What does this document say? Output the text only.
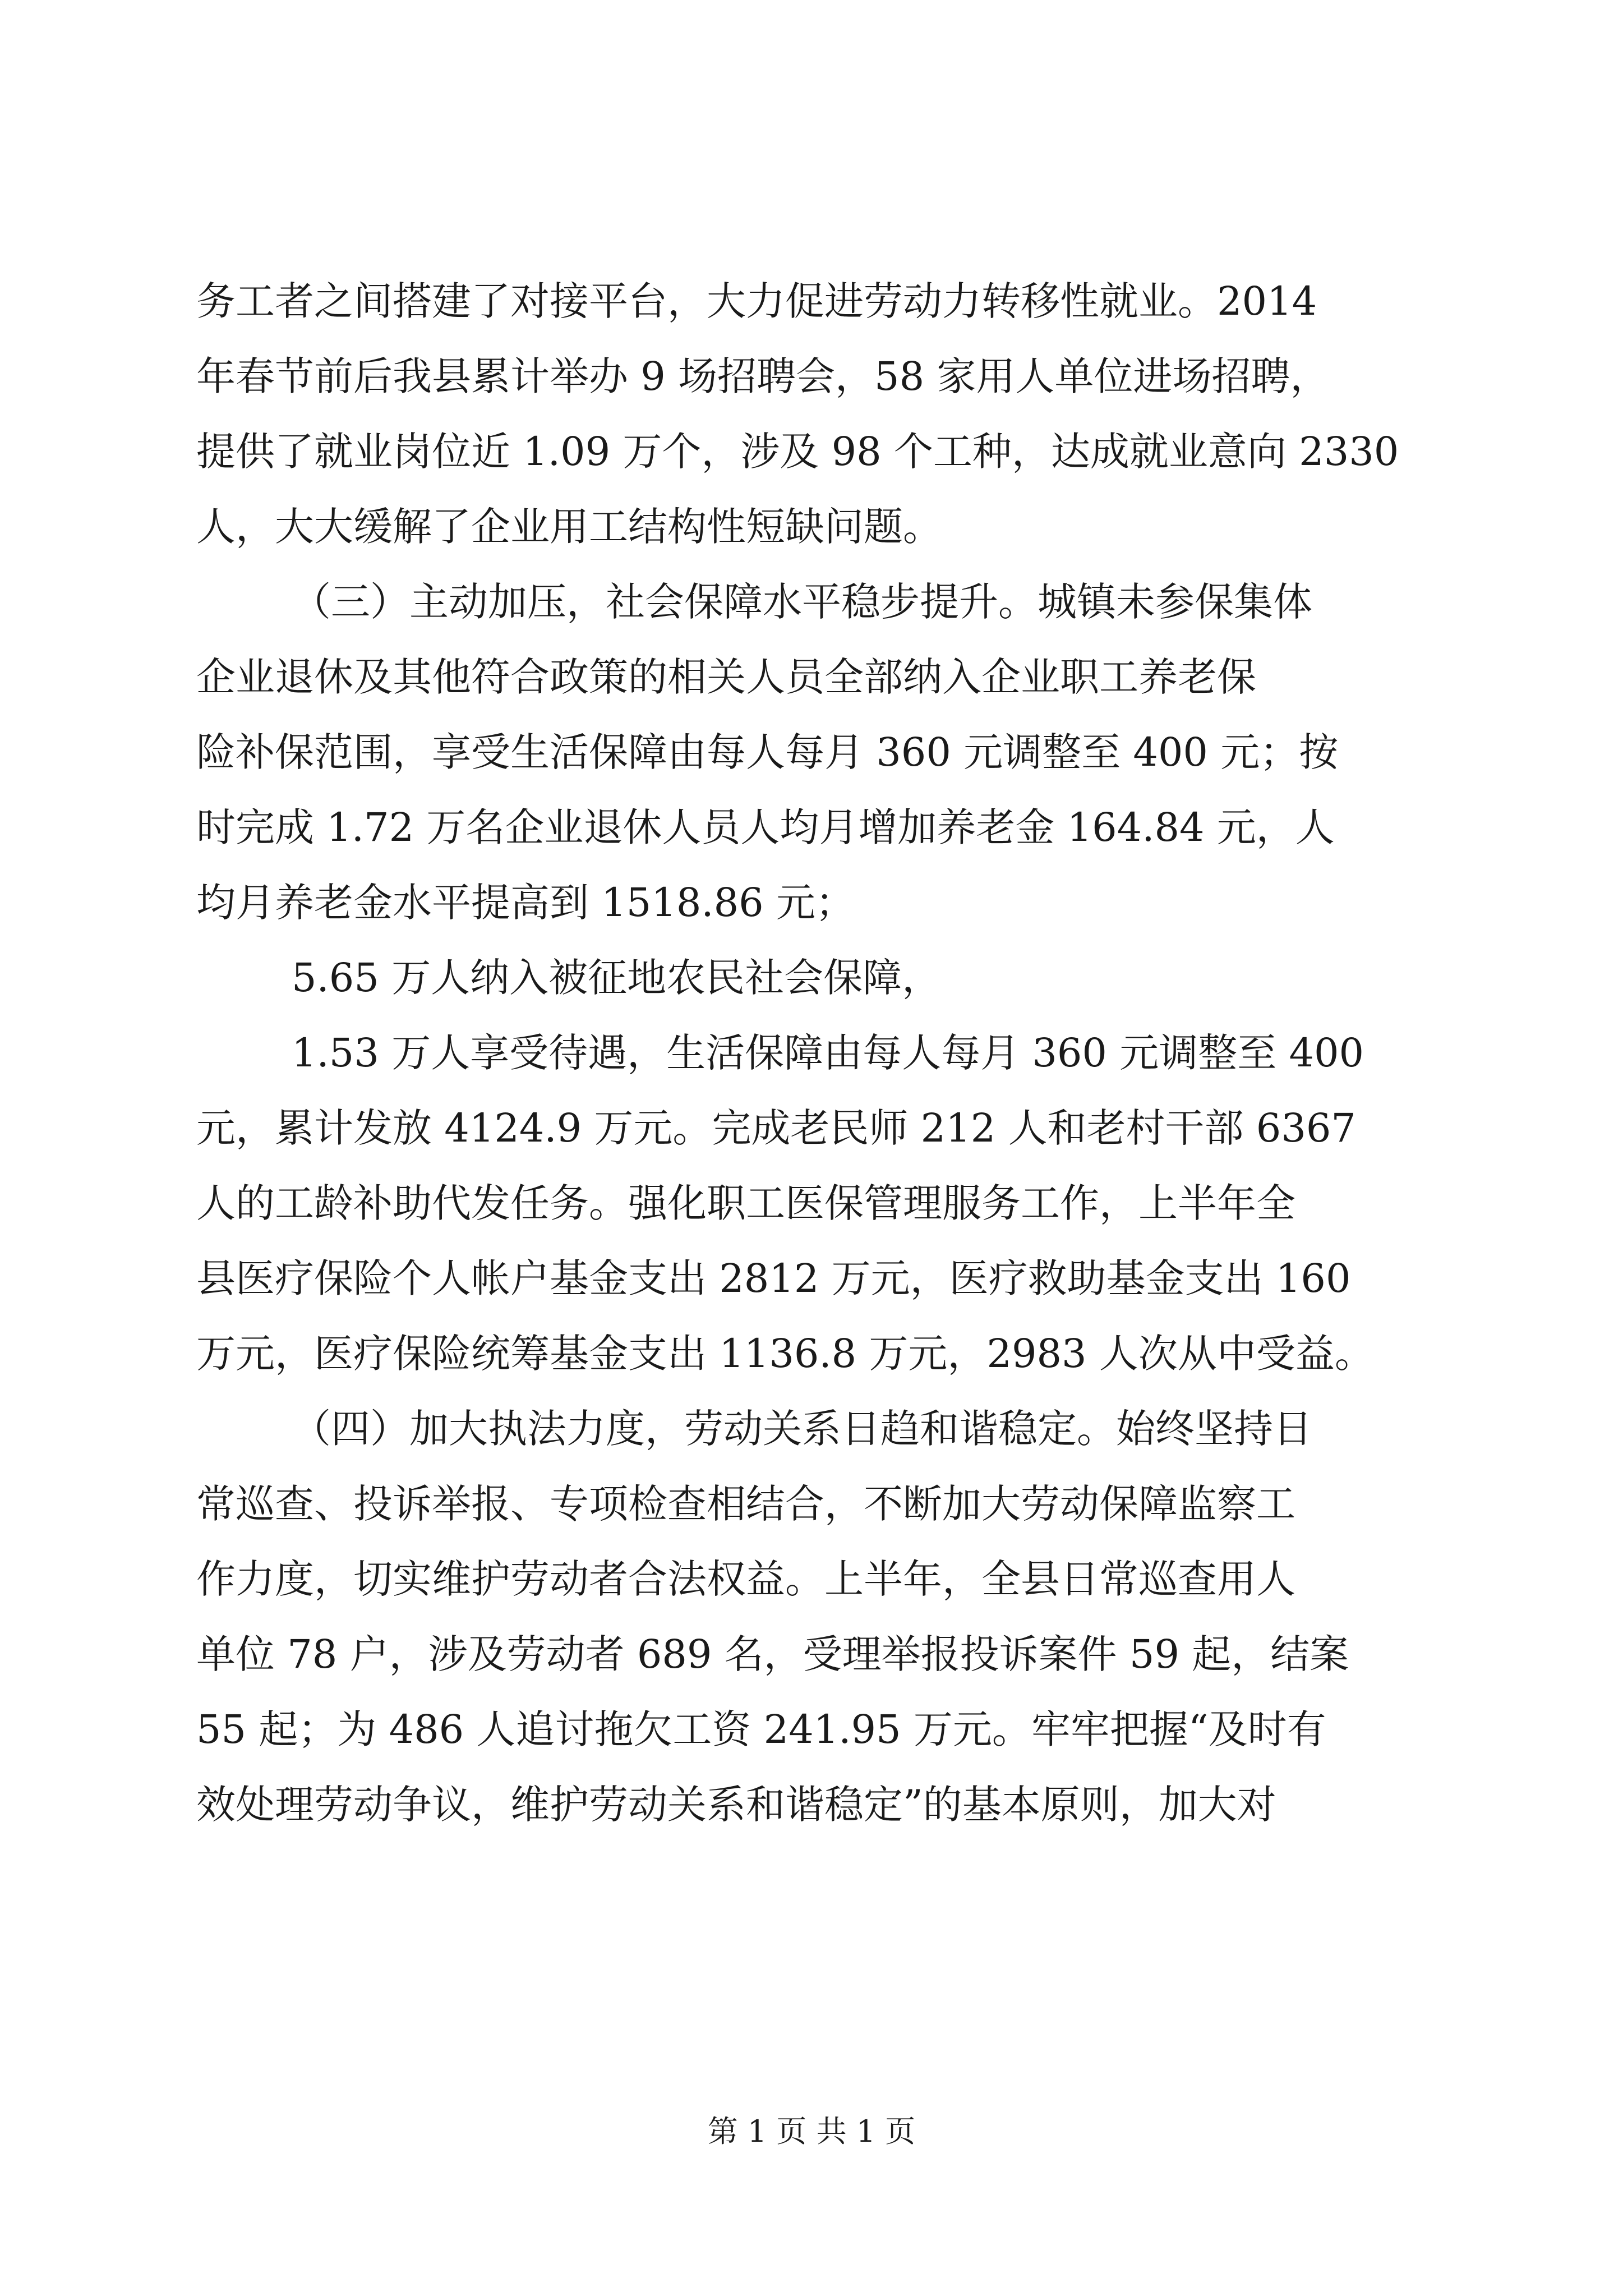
务工者之间搭建了对接平台，大力促进劳动力转移性就业。2014
年春节前后我县累计举办 9 场招聘会，58 家用人单位进场招聘，
提供了就业岗位近 1.09 万个，涉及 98 个工种，达成就业意向 2330
人，大大缓解了企业用工结构性短缺问题。
（三）主动加压，社会保障水平稳步提升。城镇未参保集体
企业退休及其他符合政策的相关人员全部纳入企业职工养老保
险补保范围，享受生活保障由每人每月 360 元调整至 400 元；按
时完成 1.72 万名企业退休人员人均月增加养老金 164.84 元，人
均月养老金水平提高到 1518.86 元；
5.65 万人纳入被征地农民社会保障，
1.53 万人享受待遇，生活保障由每人每月 360 元调整至 400
元，累计发放 4124.9 万元。完成老民师 212 人和老村干部 6367
人的工龄补助代发任务。强化职工医保管理服务工作，上半年全
县医疗保险个人帐户基金支出 2812 万元，医疗救助基金支出 160
万元，医疗保险统筹基金支出 1136.8 万元，2983 人次从中受益。
（四）加大执法力度，劳动关系日趋和谐稳定。始终坚持日
常巡查、投诉举报、专项检查相结合，不断加大劳动保障监察工
作力度，切实维护劳动者合法权益。上半年，全县日常巡查用人
单位 78 户，涉及劳动者 689 名，受理举报投诉案件 59 起，结案
55 起；为 486 人追讨拖欠工资 241.95 万元。牢牢把握“及时有
效处理劳动争议，维护劳动关系和谐稳定”的基本原则，加大对
第 1 页 共 1 页
